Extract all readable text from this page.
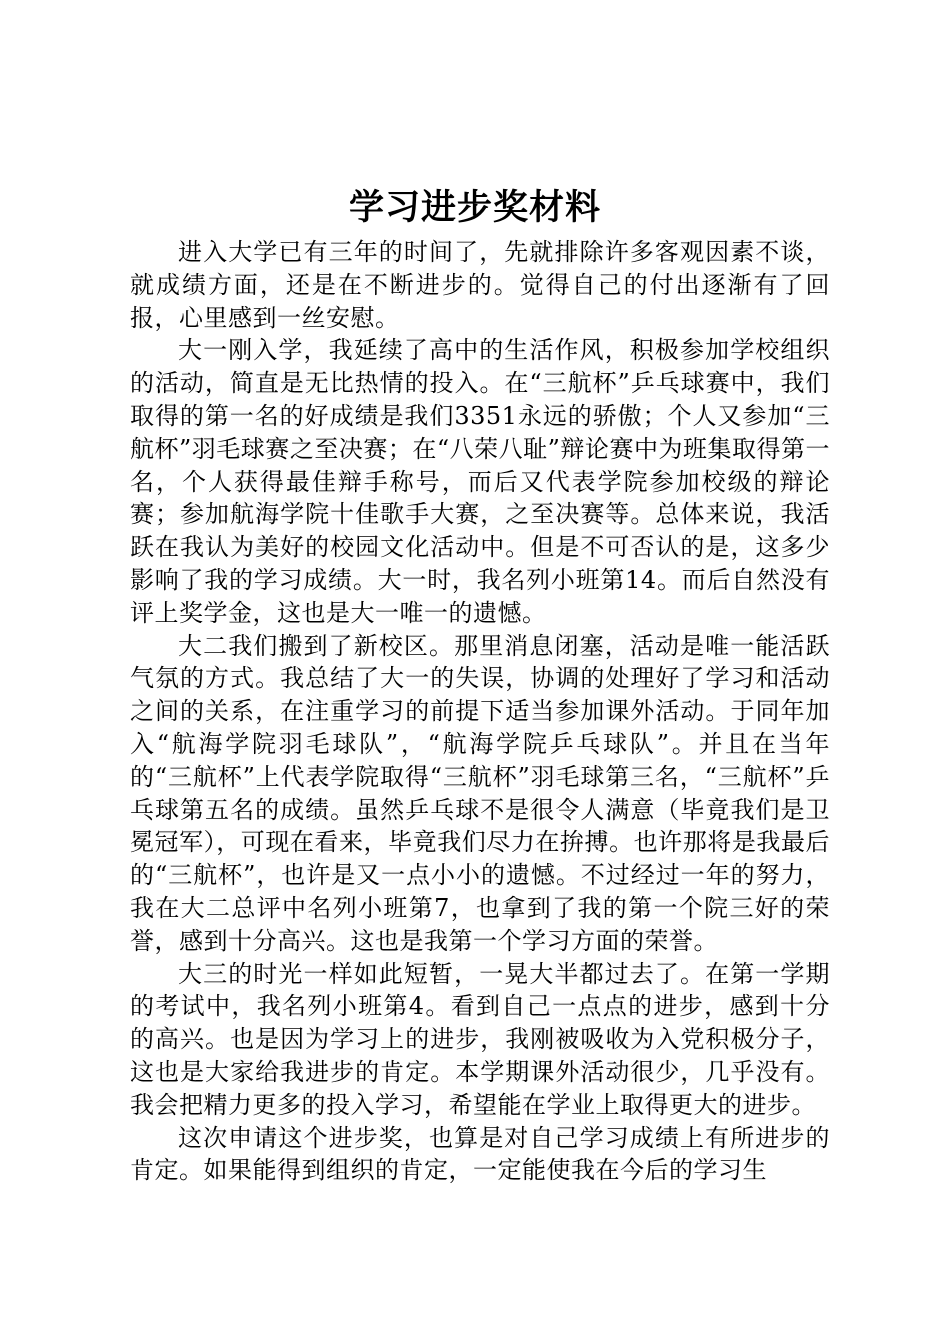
学习进步奖材料

进入大学已有三年的时间了，先就排除许多客观因素不谈，就成绩方面，还是在不断进步的。觉得自己的付出逐渐有了回报，心里感到一丝安慰。

大一刚入学，我延续了高中的生活作风，积极参加学校组织的活动，简直是无比热情的投入。在“三航杯”乒乓球赛中，我们取得的第一名的好成绩是我们3351永远的骄傲；个人又参加“三航杯”羽毛球赛之至决赛；在“八荣八耻”辩论赛中为班集取得第一名，个人获得最佳辩手称号，而后又代表学院参加校级的辩论赛；参加航海学院十佳歌手大赛，之至决赛等。总体来说，我活跃在我认为美好的校园文化活动中。但是不可否认的是，这多少影响了我的学习成绩。大一时，我名列小班第14。而后自然没有评上奖学金，这也是大一唯一的遗憾。

大二我们搬到了新校区。那里消息闭塞，活动是唯一能活跃气氛的方式。我总结了大一的失误，协调的处理好了学习和活动之间的关系，在注重学习的前提下适当参加课外活动。于同年加入“航海学院羽毛球队”，“航海学院乒乓球队”。并且在当年的“三航杯”上代表学院取得“三航杯”羽毛球第三名，“三航杯”乒乓球第五名的成绩。虽然乒乓球不是很令人满意（毕竟我们是卫冕冠军），可现在看来，毕竟我们尽力在拚搏。也许那将是我最后的“三航杯”，也许是又一点小小的遗憾。不过经过一年的努力，我在大二总评中名列小班第7，也拿到了我的第一个院三好的荣誉，感到十分高兴。这也是我第一个学习方面的荣誉。

大三的时光一样如此短暂，一晃大半都过去了。在第一学期的考试中，我名列小班第4。看到自己一点点的进步，感到十分的高兴。也是因为学习上的进步，我刚被吸收为入党积极分子，这也是大家给我进步的肯定。本学期课外活动很少，几乎没有。我会把精力更多的投入学习，希望能在学业上取得更大的进步。

这次申请这个进步奖，也算是对自己学习成绩上有所进步的肯定。如果能得到组织的肯定，一定能使我在今后的学习生
